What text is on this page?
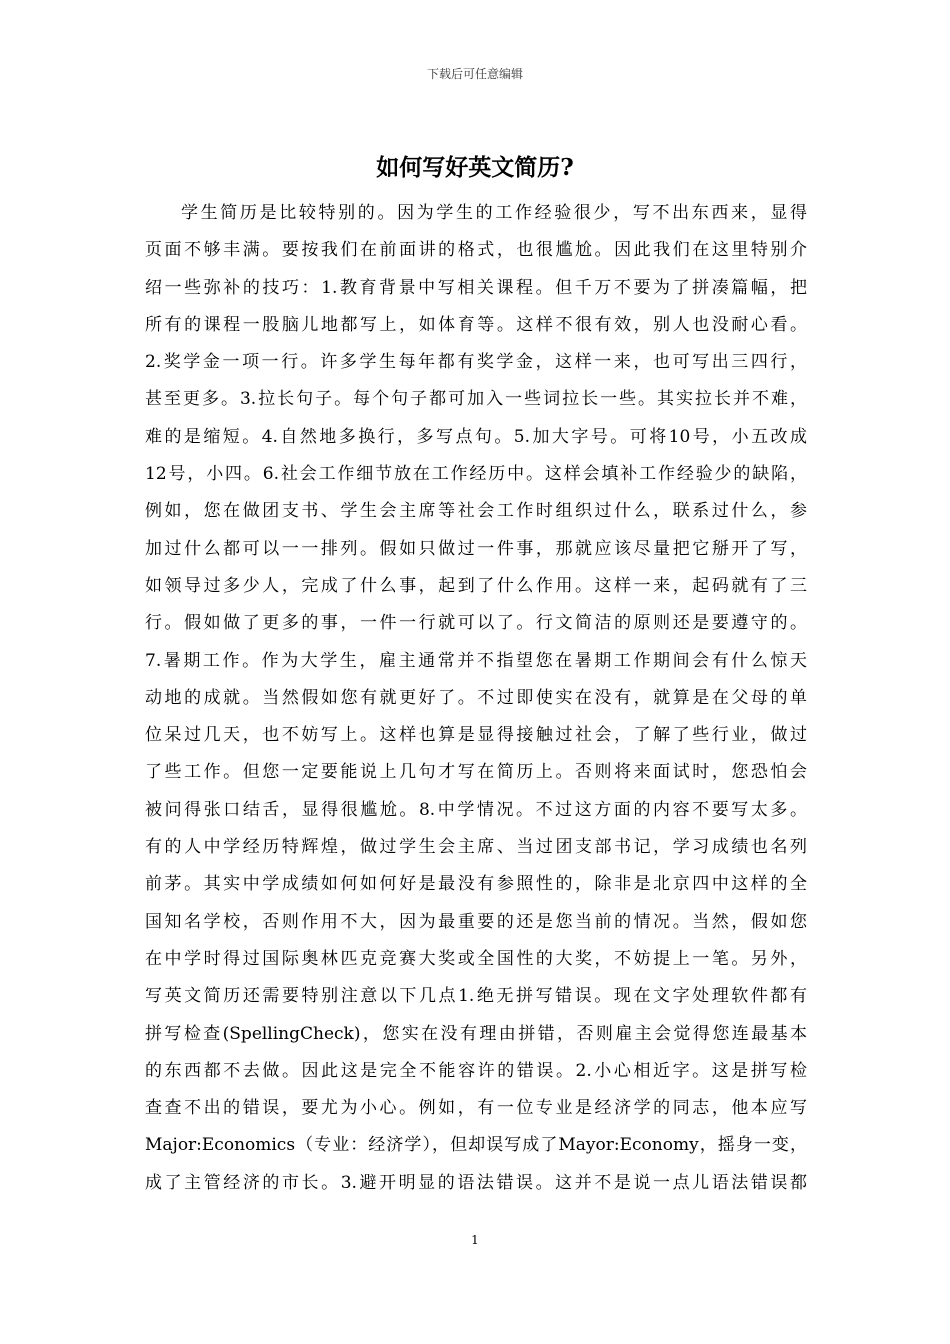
下载后可任意编辑
如何写好英文简历?
学生简历是比较特别的。因为学生的工作经验很少，写不出东西来，显得
页面不够丰满。要按我们在前面讲的格式，也很尴尬。因此我们在这里特别介
绍一些弥补的技巧：1.教育背景中写相关课程。但千万不要为了拼凑篇幅，把
所有的课程一股脑儿地都写上，如体育等。这样不很有效，别人也没耐心看。
2.奖学金一项一行。许多学生每年都有奖学金，这样一来，也可写出三四行，
甚至更多。3.拉长句子。每个句子都可加入一些词拉长一些。其实拉长并不难，
难的是缩短。4.自然地多换行，多写点句。5.加大字号。可将10号，小五改成
12号，小四。6.社会工作细节放在工作经历中。这样会填补工作经验少的缺陷，
例如，您在做团支书、学生会主席等社会工作时组织过什么，联系过什么，参
加过什么都可以一一排列。假如只做过一件事，那就应该尽量把它掰开了写，
如领导过多少人，完成了什么事，起到了什么作用。这样一来，起码就有了三
行。假如做了更多的事，一件一行就可以了。行文简洁的原则还是要遵守的。
7.暑期工作。作为大学生，雇主通常并不指望您在暑期工作期间会有什么惊天
动地的成就。当然假如您有就更好了。不过即使实在没有，就算是在父母的单
位呆过几天，也不妨写上。这样也算是显得接触过社会，了解了些行业，做过
了些工作。但您一定要能说上几句才写在简历上。否则将来面试时，您恐怕会
被问得张口结舌，显得很尴尬。8.中学情况。不过这方面的内容不要写太多。
有的人中学经历特辉煌，做过学生会主席、当过团支部书记，学习成绩也名列
前茅。其实中学成绩如何如何好是最没有参照性的，除非是北京四中这样的全
国知名学校，否则作用不大，因为最重要的还是您当前的情况。当然，假如您
在中学时得过国际奥林匹克竞赛大奖或全国性的大奖，不妨提上一笔。另外，
写英文简历还需要特别注意以下几点1.绝无拼写错误。现在文字处理软件都有
拼写检查(SpellingCheck)，您实在没有理由拼错，否则雇主会觉得您连最基本
的东西都不去做。因此这是完全不能容许的错误。2.小心相近字。这是拼写检
查查不出的错误，要尤为小心。例如，有一位专业是经济学的同志，他本应写
Major:Economics（专业：经济学），但却误写成了Mayor:Economy，摇身一变，
成了主管经济的市长。3.避开明显的语法错误。这并不是说一点儿语法错误都
1
